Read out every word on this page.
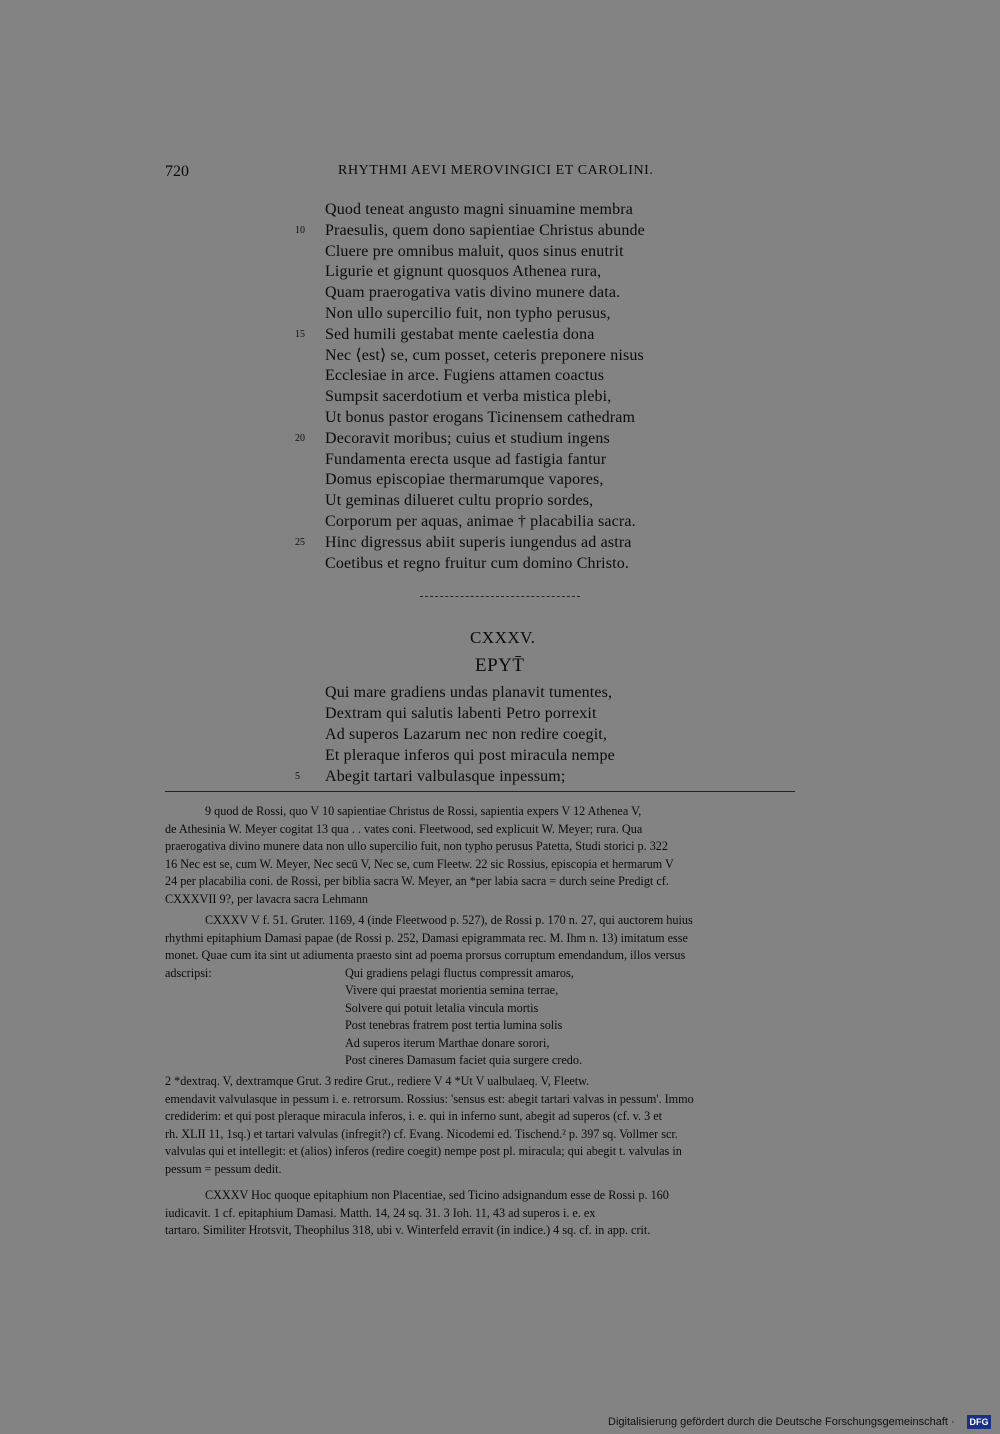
720	RHYTHMI AEVI MEROVINGICI ET CAROLINI.
Quod teneat angusto magni sinuamine membra
Praesulis, quem dono sapientiae Christus abunde
10
Cluere pre omnibus maluit, quos sinus enutrit
Ligurie et gignunt quosquos Athenea rura,
Quam praerogativa vatis divino munere data.
Non ullo supercilio fuit, non typho perusus,
Sed humili gestabat mente caelestia dona
15
Nec ⟨est⟩ se, cum posset, ceteris preponere nisus
Ecclesiae in arce. Fugiens attamen coactus
Sumpsit sacerdotium et verba mistica plebi,
Ut bonus pastor erogans Ticinensem cathedram
Decoravit moribus; cuius et studium ingens
20
Fundamenta erecta usque ad fastigia fantur
Domus episcopiae thermarumque vapores,
Ut geminas dilueret cultu proprio sordes,
Corporum per aquas, animae † placabilia sacra.
Hinc digressus abiit superis iungendus ad astra
25
Coetibus et regno fruitur cum domino Christo.
CXXXV.
EPYT̄
Qui mare gradiens undas planavit tumentes,
Dextram qui salutis labenti Petro porrexit
Ad superos Lazarum nec non redire coegit,
Et pleraque inferos qui post miracula nempe
Abegit tartari valbulasque inpessum;
5
9 quod de Rossi, quo V 10 sapientiae Christus de Rossi, sapientia expers V 12 Athenea V,
de Athesinia W. Meyer cogitat 13 qua . . vates coni. Fleetwood, sed explicuit W. Meyer; rura. Qua
praerogativa divino munere data non ullo supercilio fuit, non typho perusus Patetta, Studi storici p. 322
16 Nec est se, cum W. Meyer, Nec secū V, Nec se, cum Fleetw. 22 sic Rossius, episcopia et hermarum V
24 per placabilia coni. de Rossi, per biblia sacra W. Meyer, an *per labia sacra = durch seine Predigt cf.
CXXXVII 9?, per lavacra sacra Lehmann
CXXXV V f. 51. Gruter. 1169, 4 (inde Fleetwood p. 527), de Rossi p. 170 n. 27, qui auctorem huius
rhythmi epitaphium Damasi papae (de Rossi p. 252, Damasi epigrammata rec. M. Ihm n. 13) imitatum esse
monet. Quae cum ita sint ut adiumenta praesto sint ad poema prorsus corruptum emendandum, illos versus
adscripsi:	Qui gradiens pelagi fluctus compressit amaros,
Vivere qui praestat morientia semina terrae,
Solvere qui potuit letalia vincula mortis
Post tenebras fratrem post tertia lumina solis
Ad superos iterum Marthae donare sorori,
Post cineres Damasum faciet quia surgere credo.
2 *dextraq. V, dextramque Grut. 3 redire Grut., rediere V 4 *Ut V ualbulaeq. V, Fleetw.
emendavit valvulasque in pessum i. e. retrorsum. Rossius: 'sensus est: abegit tartari valvas in pessum'. Immo
crediderim: et qui post pleraque miracula inferos, i. e. qui in inferno sunt, abegit ad superos (cf. v. 3 et
rh. XLII 11, 1sq.) et tartari valvulas (infregit?) cf. Evang. Nicodemi ed. Tischend.² p. 397 sq. Vollmer scr.
valvulas qui et intellegit: et (alios) inferos (redire coegit) nempe post pl. miracula; qui abegit t. valvulas in
pessum = pessum dedit.
CXXXV Hoc quoque epitaphium non Placentiae, sed Ticino adsignandum esse de Rossi p. 160
iudicavit. 1 cf. epitaphium Damasi. Matth. 14, 24 sq. 31. 3 Ioh. 11, 43 ad superos i. e. ex
tartaro. Similiter Hrotsvit, Theophilus 318, ubi v. Winterfeld erravit (in indice.) 4 sq. cf. in app. crit.
Digitalisierung gefördert durch die Deutsche Forschungsgemeinschaft · DFG
